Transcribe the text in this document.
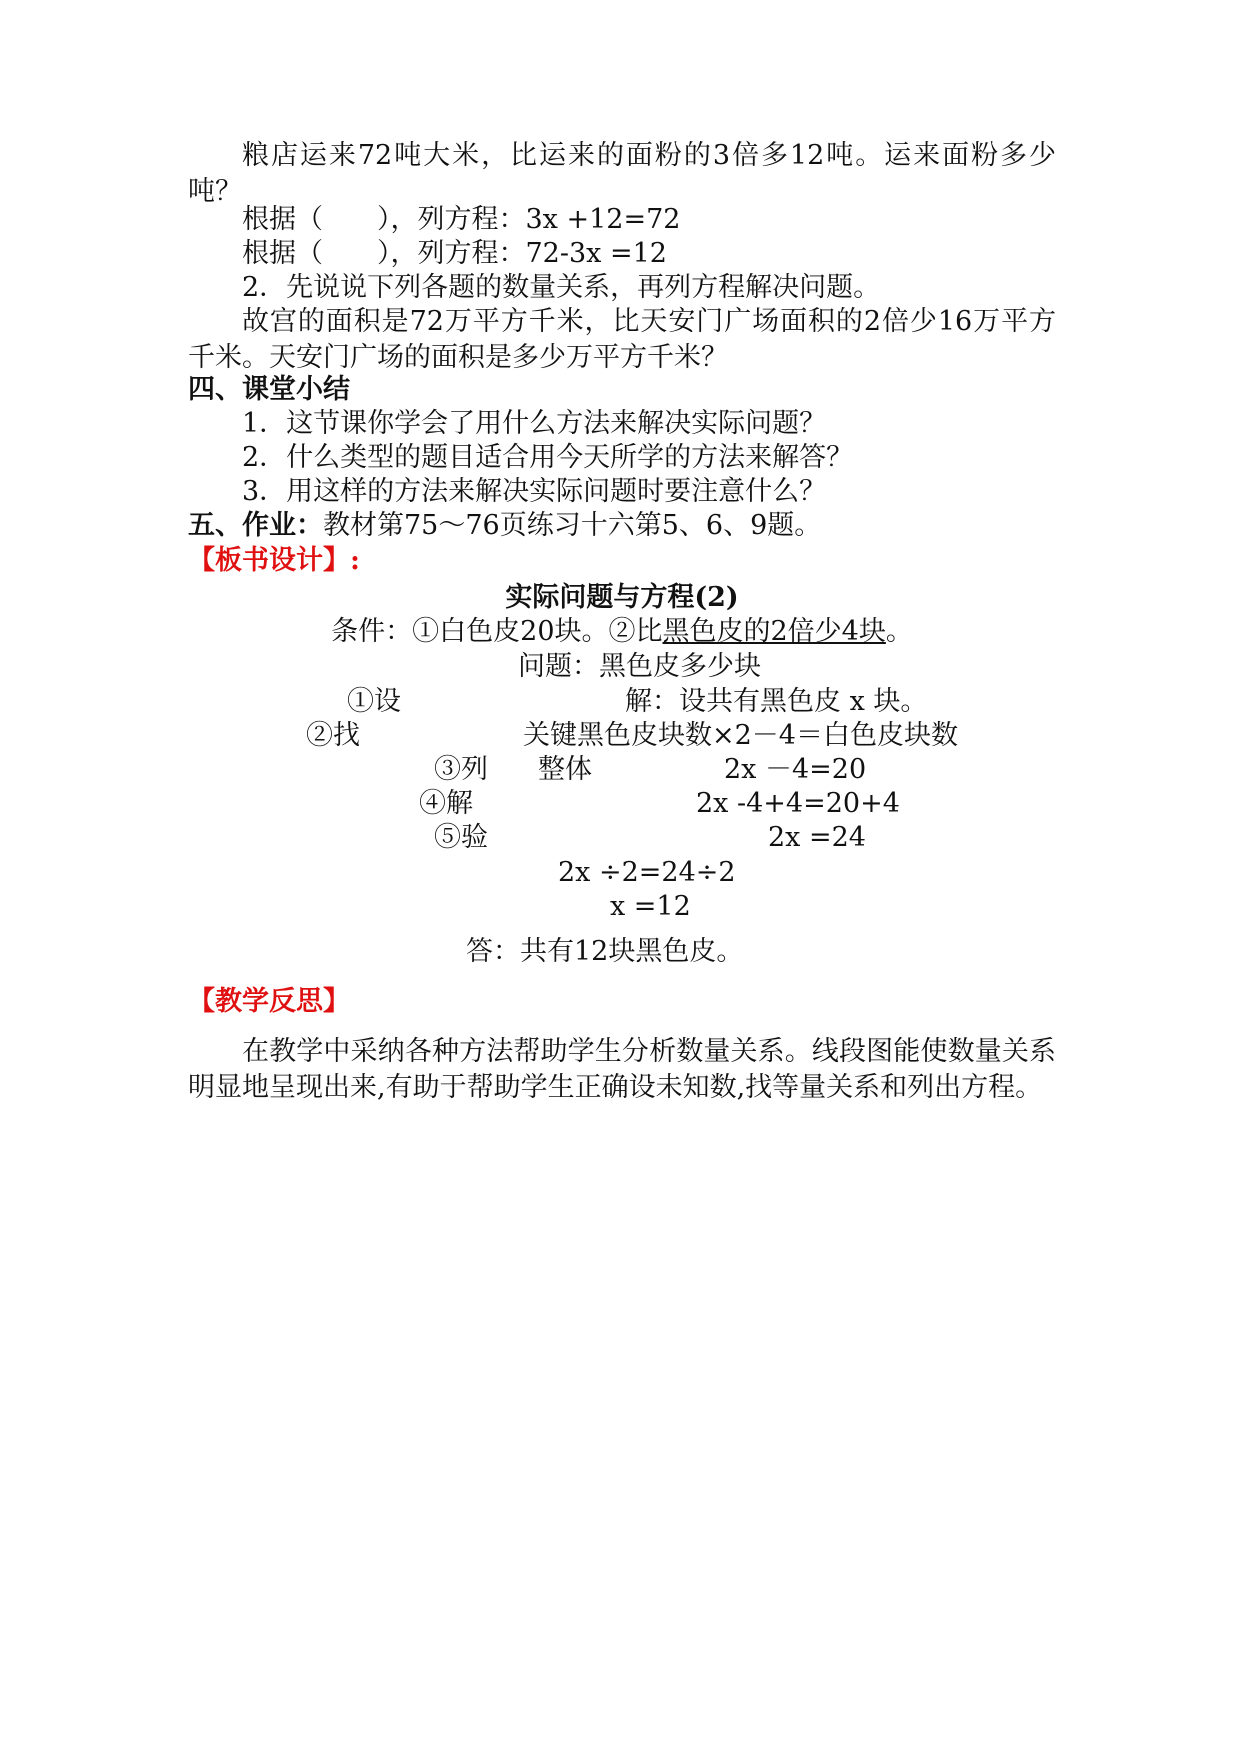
粮店运来72吨大米，比运来的面粉的3倍多12吨。运来面粉多少吨？
根据（　　），列方程：3x +12=72
根据（　　），列方程：72-3x =12
2．先说说下列各题的数量关系，再列方程解决问题。
故宫的面积是72万平方千米，比天安门广场面积的2倍少16万平方千米。天安门广场的面积是多少万平方千米？
四、课堂小结
1．这节课你学会了用什么方法来解决实际问题？
2．什么类型的题目适合用今天所学的方法来解答？
3．用这样的方法来解决实际问题时要注意什么？
五、作业：教材第75～76页练习十六第5、6、9题。
【板书设计】:
实际问题与方程(2)
条件：①白色皮20块。②比黑色皮的2倍少4块。
问题：黑色皮多少块
①设	解：设共有黑色皮 x 块。
②找	关键黑色皮块数×2－4＝白色皮块数
③列 整体	2x －4=20
④解	2x -4+4=20+4
⑤验	2x =24
2x ÷2=24÷2
x =12
答：共有12块黑色皮。
【教学反思】
在教学中采纳各种方法帮助学生分析数量关系。线段图能使数量关系明显地呈现出来,有助于帮助学生正确设未知数,找等量关系和列出方程。
